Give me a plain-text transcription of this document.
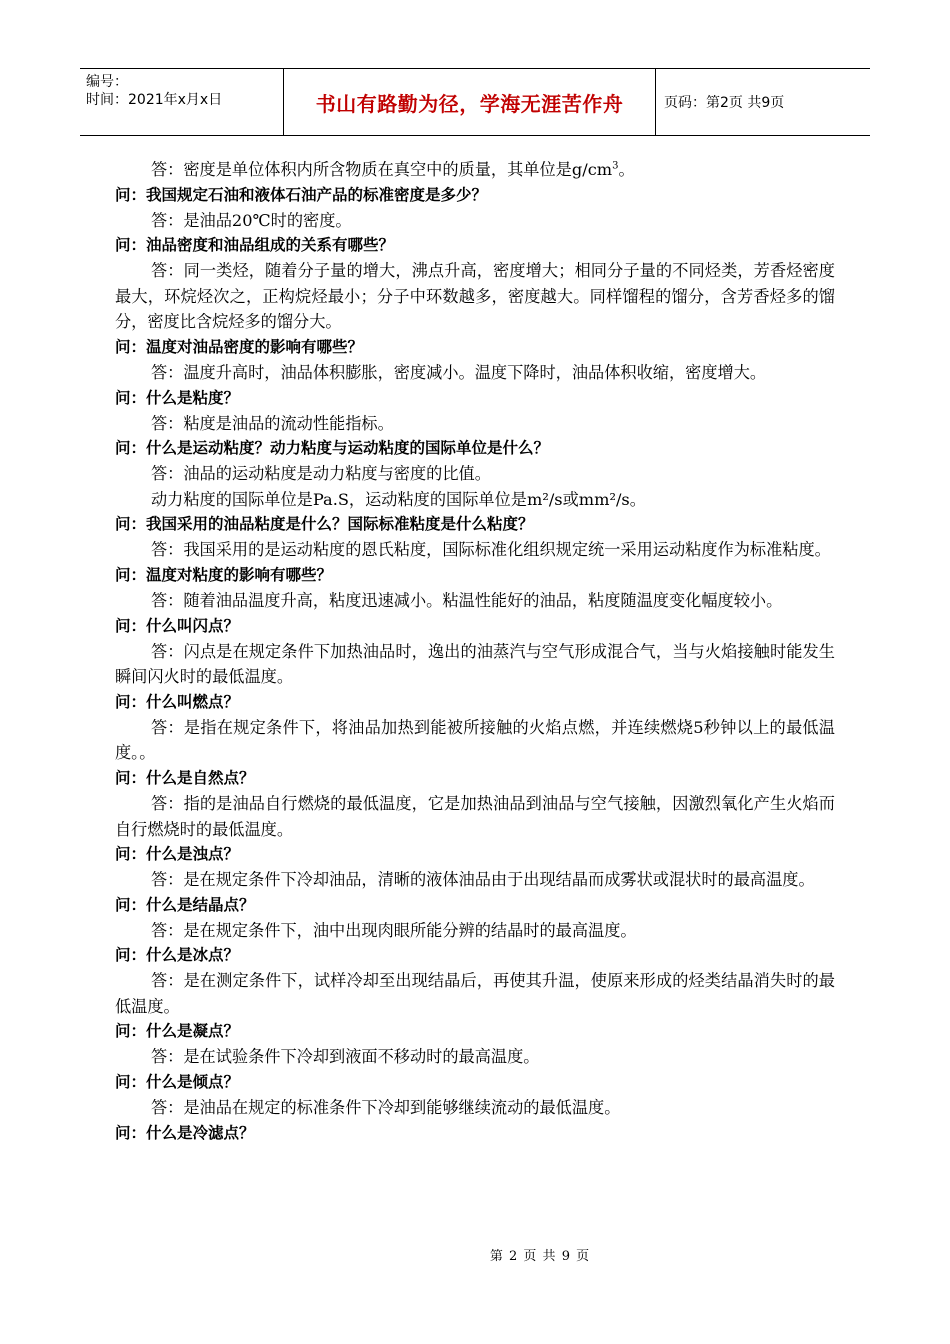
编号：
时间：2021年x月x日	书山有路勤为径，学海无涯苦作舟	页码：第2页 共9页

答：密度是单位体积内所含物质在真空中的质量，其单位是$g/cm^3$。

问：我国规定石油和液体石油产品的标准密度是多少？

答：是油品20℃时的密度。

问：油品密度和油品组成的关系有哪些？

答：同一类烃，随着分子量的增大，沸点升高，密度增大；相同分子量的不同烃类，芳香烃密度最大，环烷烃次之，正构烷烃最小；分子中环数越多，密度越大。同样馏程的馏分，含芳香烃多的馏分，密度比含烷烃多的馏分大。

问：温度对油品密度的影响有哪些？

答：温度升高时，油品体积膨胀，密度减小。温度下降时，油品体积收缩，密度增大。

问：什么是粘度？

答：粘度是油品的流动性能指标。

问：什么是运动粘度？动力粘度与运动粘度的国际单位是什么？

答：油品的运动粘度是动力粘度与密度的比值。

动力粘度的国际单位是Pa.S，运动粘度的国际单位是m²/s或mm²/s。

问：我国采用的油品粘度是什么？国际标准粘度是什么粘度？

答：我国采用的是运动粘度的恩氏粘度，国际标准化组织规定统一采用运动粘度作为标准粘度。

问：温度对粘度的影响有哪些？

答：随着油品温度升高，粘度迅速减小。粘温性能好的油品，粘度随温度变化幅度较小。

问：什么叫闪点？

答：闪点是在规定条件下加热油品时，逸出的油蒸汽与空气形成混合气，当与火焰接触时能发生瞬间闪火时的最低温度。

问：什么叫燃点？

答：是指在规定条件下，将油品加热到能被所接触的火焰点燃，并连续燃烧5秒钟以上的最低温度。。

问：什么是自然点？

答：指的是油品自行燃烧的最低温度，它是加热油品到油品与空气接触，因激烈氧化产生火焰而自行燃烧时的最低温度。

问：什么是浊点？

答：是在规定条件下冷却油品，清晰的液体油品由于出现结晶而成雾状或混状时的最高温度。

问：什么是结晶点？

答：是在规定条件下，油中出现肉眼所能分辨的结晶时的最高温度。

问：什么是冰点？

答：是在测定条件下，试样冷却至出现结晶后，再使其升温，使原来形成的烃类结晶消失时的最低温度。

问：什么是凝点？

答：是在试验条件下冷却到液面不移动时的最高温度。

问：什么是倾点？

答：是油品在规定的标准条件下冷却到能够继续流动的最低温度。

问：什么是冷滤点？

第 2 页 共 9 页
